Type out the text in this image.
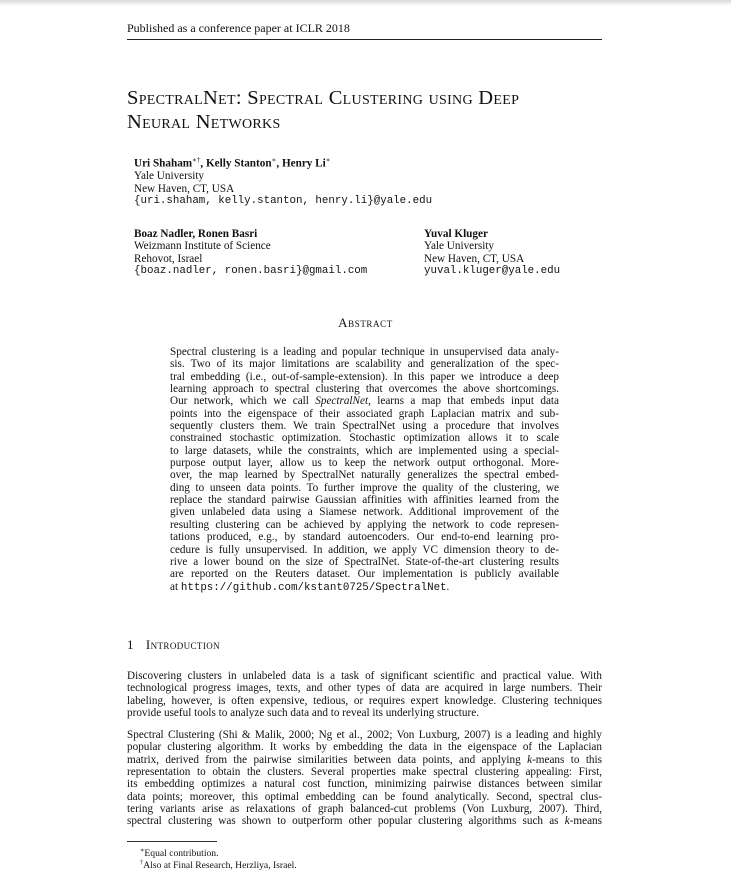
Published as a conference paper at ICLR 2018
SpectralNet: Spectral Clustering using Deep
Neural Networks
Uri Shaham∗†, Kelly Stanton∗, Henry Li∗
Yale University
New Haven, CT, USA
{uri.shaham, kelly.stanton, henry.li}@yale.edu
Boaz Nadler, Ronen Basri
Weizmann Institute of Science
Rehovot, Israel
{boaz.nadler, ronen.basri}@gmail.com
Yuval Kluger
Yale University
New Haven, CT, USA
yuval.kluger@yale.edu
Abstract
Spectral clustering is a leading and popular technique in unsupervised data analy-
sis. Two of its major limitations are scalability and generalization of the spec-
tral embedding (i.e., out-of-sample-extension). In this paper we introduce a deep
learning approach to spectral clustering that overcomes the above shortcomings.
Our network, which we call SpectralNet, learns a map that embeds input data
points into the eigenspace of their associated graph Laplacian matrix and sub-
sequently clusters them. We train SpectralNet using a procedure that involves
constrained stochastic optimization. Stochastic optimization allows it to scale
to large datasets, while the constraints, which are implemented using a special-
purpose output layer, allow us to keep the network output orthogonal. More-
over, the map learned by SpectralNet naturally generalizes the spectral embed-
ding to unseen data points. To further improve the quality of the clustering, we
replace the standard pairwise Gaussian affinities with affinities learned from the
given unlabeled data using a Siamese network. Additional improvement of the
resulting clustering can be achieved by applying the network to code represen-
tations produced, e.g., by standard autoencoders. Our end-to-end learning pro-
cedure is fully unsupervised. In addition, we apply VC dimension theory to de-
rive a lower bound on the size of SpectralNet. State-of-the-art clustering results
are reported on the Reuters dataset. Our implementation is publicly available
at https://github.com/kstant0725/SpectralNet.
1 Introduction
Discovering clusters in unlabeled data is a task of significant scientific and practical value. With
technological progress images, texts, and other types of data are acquired in large numbers. Their
labeling, however, is often expensive, tedious, or requires expert knowledge. Clustering techniques
provide useful tools to analyze such data and to reveal its underlying structure.
Spectral Clustering (Shi & Malik, 2000; Ng et al., 2002; Von Luxburg, 2007) is a leading and highly
popular clustering algorithm. It works by embedding the data in the eigenspace of the Laplacian
matrix, derived from the pairwise similarities between data points, and applying k-means to this
representation to obtain the clusters. Several properties make spectral clustering appealing: First,
its embedding optimizes a natural cost function, minimizing pairwise distances between similar
data points; moreover, this optimal embedding can be found analytically. Second, spectral clus-
tering variants arise as relaxations of graph balanced-cut problems (Von Luxburg, 2007). Third,
spectral clustering was shown to outperform other popular clustering algorithms such as k-means
∗Equal contribution.
†Also at Final Research, Herzliya, Israel.
